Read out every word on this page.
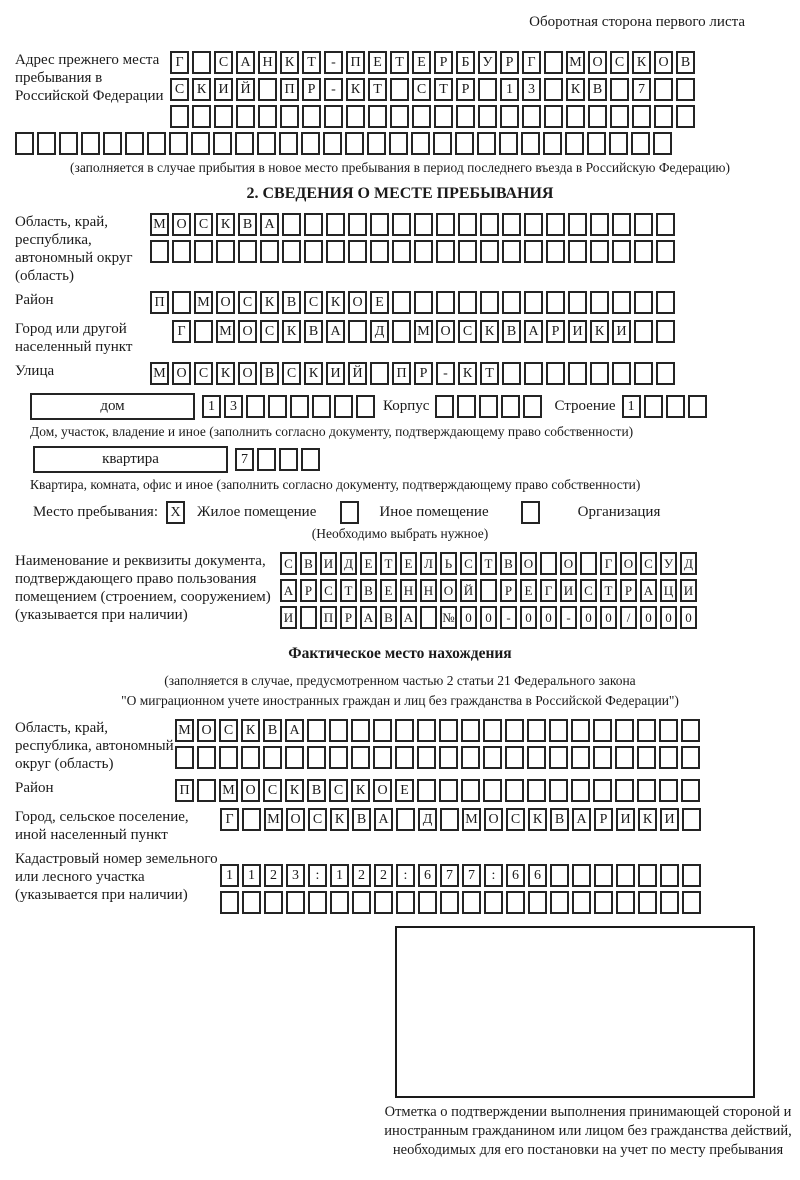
Оборотная сторона первого листа
Адрес прежнего места пребывания в Российской Федерации
Г	С А Н К Т	-	П Е Т Е Р	Б У Р	Г	М О С К О В
С К И Й	П Р	-	К Т	С Т Р	1	3	К В	7
(заполняется в случае прибытия в новое место пребывания в период последнего въезда в Российскую Федерацию)
2. СВЕДЕНИЯ О МЕСТЕ ПРЕБЫВАНИЯ
Область, край, республика, автономный округ (область)
М О С К В А
Район	П	М О С К В С К О Е
Город или другой населенный пункт
Г	М О С К В А	Д	М О С К В А Р И К И
Улица	М О С К О В С К И Й	П Р	-	К Т
дом	1	3	Корпус	Строение 1
Дом, участок, владение и иное (заполнить согласно документу, подтверждающему право собственности)
квартира	7
Квартира, комната, офис и иное (заполнить согласно документу, подтверждающему право собственности)
Место пребывания: X Жилое помещение	Иное помещение	Организация
(Необходимо выбрать нужное)
Наименование и реквизиты документа, подтверждающего право пользования помещением (строением, сооружением) (указывается при наличии)
С В И Д Е Т Е Л Ь С Т В О О	Г О С У Д
А Р С Т В Е Н Н О Й	Р Е Г И С Т Р А Ц И
И П Р А В А № 0	0	-	0	0	-	0	0	/	0	0	0
Фактическое место нахождения
(заполняется в случае, предусмотренном частью 2 статьи 21 Федерального закона
"О миграционном учете иностранных граждан и лиц без гражданства в Российской Федерации")
Область, край, республика, автономный округ (область)
М О С К В А
Район	П	М О С К В С К О Е
Город, сельское поселение, иной населенный пункт
Г	М О С К В А	Д	М О С К В А Р И К И
Кадастровый номер земельного или лесного участка (указывается при наличии)
1	1	2	3	:	1	2	2	:	6	7	7	:	6	6
Отметка о подтверждении выполнения принимающей стороной и иностранным гражданином или лицом без гражданства действий, необходимых для его постановки на учет по месту пребывания
